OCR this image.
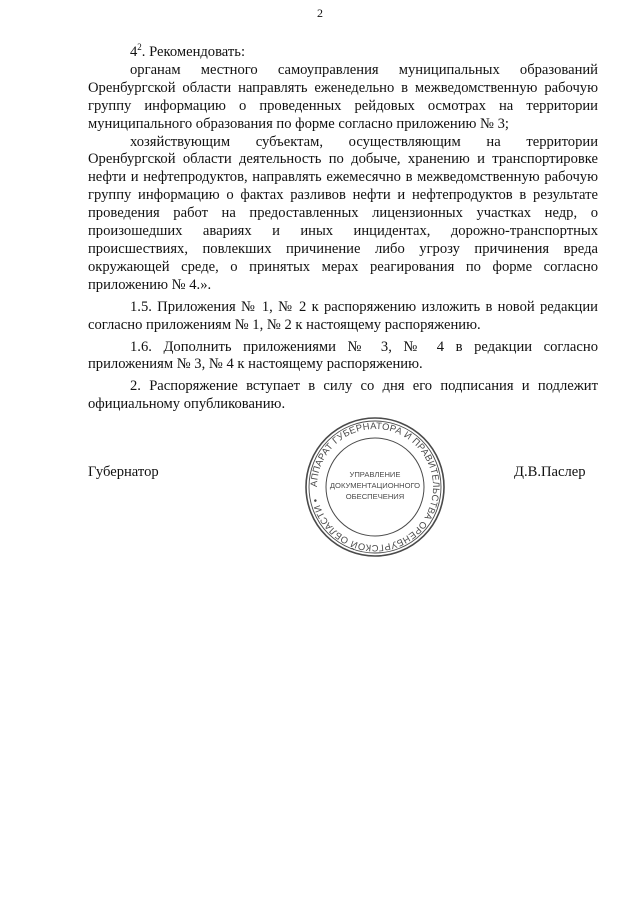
2

$4^2$. Рекомендовать:

органам местного самоуправления муниципальных образований Оренбургской области направлять еженедельно в межведомственную рабочую группу информацию о проведенных рейдовых осмотрах на территории муниципального образования по форме согласно приложению № 3;

хозяйствующим субъектам, осуществляющим на территории Оренбургской области деятельность по добыче, хранению и транспортировке нефти и нефтепродуктов, направлять ежемесячно в межведомственную рабочую группу информацию о фактах разливов нефти и нефтепродуктов в результате проведения работ на предоставленных лицензионных участках недр, о произошедших авариях и иных инцидентах, дорожно-транспортных происшествиях, повлекших причинение либо угрозу причинения вреда окружающей среде, о принятых мерах реагирования по форме согласно приложению № 4.».

1.5. Приложения № 1, № 2 к распоряжению изложить в новой редакции согласно приложениям № 1, № 2 к настоящему распоряжению.

1.6. Дополнить приложениями № 3, № 4 в редакции согласно приложениям № 3, № 4 к настоящему распоряжению.

2. Распоряжение вступает в силу со дня его подписания и подлежит официальному опубликованию.

Губернатор
АППАРАТ ГУБЕРНАТОРА И ПРАВИТЕЛЬСТВА ОРЕНБУРГСКОЙ ОБЛАСТИ •
УПРАВЛЕНИЕ
ДОКУМЕНТАЦИОННОГО
ОБЕСПЕЧЕНИЯ
Д.В.Паслер
